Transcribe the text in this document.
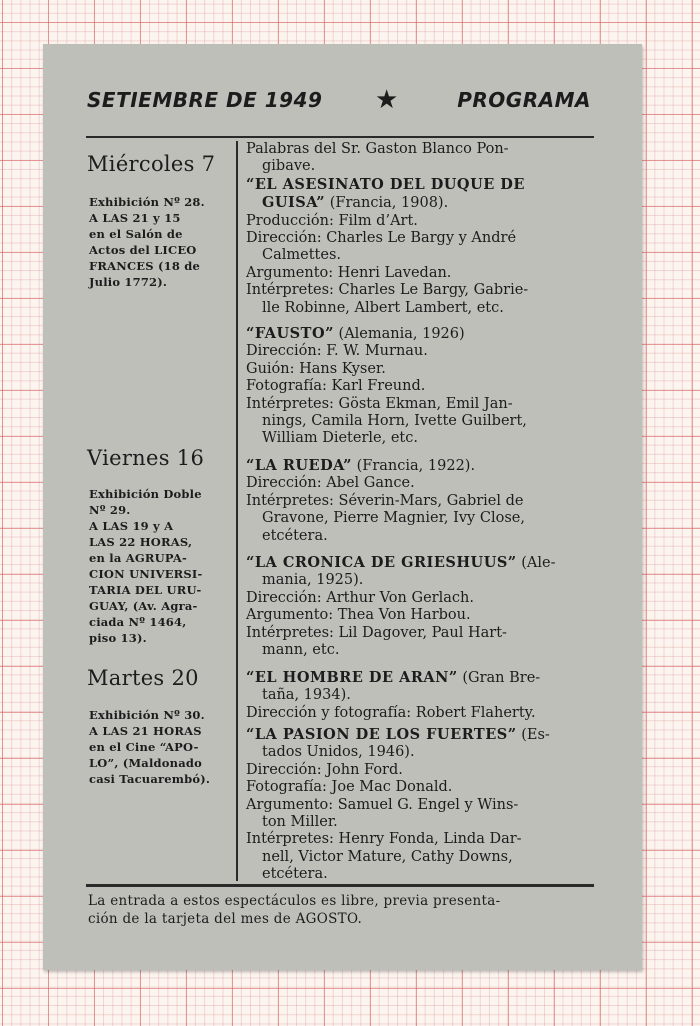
SETIEMBRE DE 1949 ★	PROGRAMA
Miércoles 7
Exhibición Nº 28.
A LAS 21 y 15
en el Salón de
Actos del LICEO
FRANCES (18 de
Julio 1772).
Viernes 16
Exhibición Doble
Nº 29.
A LAS 19 y A
LAS 22 HORAS,
en la AGRUPA-
CION UNIVERSI-
TARIA DEL URU-
GUAY, (Av. Agra-
ciada Nº 1464,
piso 13).
Martes 20
Exhibición Nº 30.
A LAS 21 HORAS
en el Cine “APO-
LO”, (Maldonado
casi Tacuarembó).
Palabras del Sr. Gaston Blanco Pon-
gibave.
“EL ASESINATO DEL DUQUE DE
GUISA” (Francia, 1908).
Producción: Film d’Art.
Dirección: Charles Le Bargy y André
Calmettes.
Argumento: Henri Lavedan.
Intérpretes: Charles Le Bargy, Gabrie-
lle Robinne, Albert Lambert, etc.
“FAUSTO” (Alemania, 1926)
Dirección: F. W. Murnau.
Guión: Hans Kyser.
Fotografía: Karl Freund.
Intérpretes: Gösta Ekman, Emil Jan-
nings, Camila Horn, Ivette Guilbert,
William Dieterle, etc.
“LA RUEDA” (Francia, 1922).
Dirección: Abel Gance.
Intérpretes: Séverin-Mars, Gabriel de
Gravone, Pierre Magnier, Ivy Close,
etcétera.
“LA CRONICA DE GRIESHUUS” (Ale-
mania, 1925).
Dirección: Arthur Von Gerlach.
Argumento: Thea Von Harbou.
Intérpretes: Lil Dagover, Paul Hart-
mann, etc.
“EL HOMBRE DE ARAN” (Gran Bre-
taña, 1934).
Dirección y fotografía: Robert Flaherty.
“LA PASION DE LOS FUERTES” (Es-
tados Unidos, 1946).
Dirección: John Ford.
Fotografía: Joe Mac Donald.
Argumento: Samuel G. Engel y Wins-
ton Miller.
Intérpretes: Henry Fonda, Linda Dar-
nell, Victor Mature, Cathy Downs,
etcétera.
La entrada a estos espectáculos es libre, previa presenta-
ción de la tarjeta del mes de AGOSTO.
